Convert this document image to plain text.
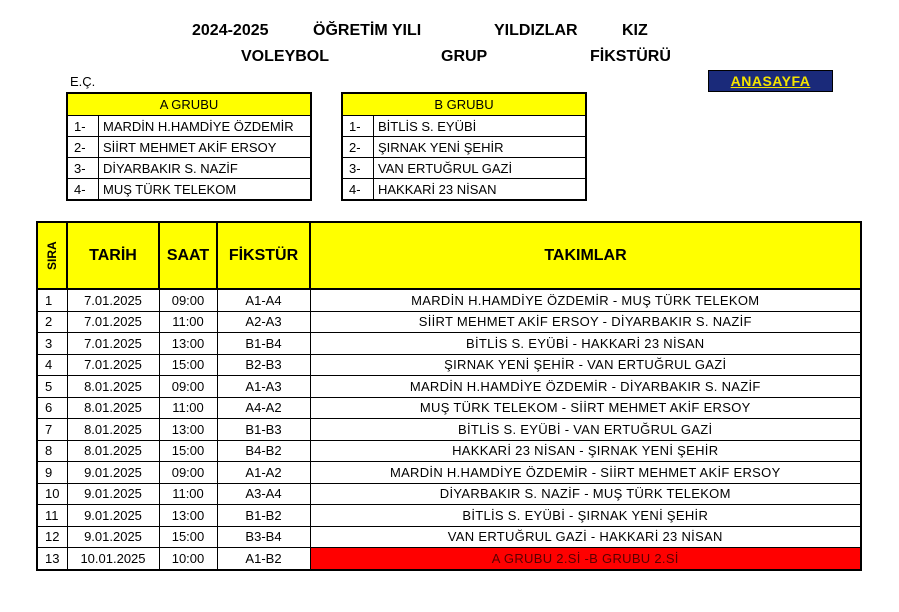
2024-2025	ÖĞRETİM YILI	YILDIZLAR	KIZ
VOLEYBOL	GRUP	FİKSTÜRÜ
E.Ç.	ANASAYFA
A GRUBU	
1-	MARDİN H.HAMDİYE ÖZDEMİR
2-	SİİRT MEHMET AKİF ERSOY
3-	DİYARBAKIR S. NAZİF
4-	MUŞ TÜRK TELEKOM
B GRUBU	
1-	BİTLİS S. EYÜBİ
2-	ŞIRNAK YENİ ŞEHİR
3-	VAN ERTUĞRUL GAZİ
4-	HAKKARİ 23 NİSAN
SIRA	TARİH	SAAT	FİKSTÜR	TAKIMLAR
1	7.01.2025	09:00	A1-A4	MARDİN H.HAMDİYE ÖZDEMİR - MUŞ TÜRK TELEKOM
2	7.01.2025	11:00	A2-A3	SİİRT MEHMET AKİF ERSOY - DİYARBAKIR S. NAZİF
3	7.01.2025	13:00	B1-B4	BİTLİS S. EYÜBİ - HAKKARİ 23 NİSAN
4	7.01.2025	15:00	B2-B3	ŞIRNAK YENİ ŞEHİR - VAN ERTUĞRUL GAZİ
5	8.01.2025	09:00	A1-A3	MARDİN H.HAMDİYE ÖZDEMİR - DİYARBAKIR S. NAZİF
6	8.01.2025	11:00	A4-A2	MUŞ TÜRK TELEKOM - SİİRT MEHMET AKİF ERSOY
7	8.01.2025	13:00	B1-B3	BİTLİS S. EYÜBİ - VAN ERTUĞRUL GAZİ
8	8.01.2025	15:00	B4-B2	HAKKARİ 23 NİSAN - ŞIRNAK YENİ ŞEHİR
9	9.01.2025	09:00	A1-A2	MARDİN H.HAMDİYE ÖZDEMİR - SİİRT MEHMET AKİF ERSOY
10	9.01.2025	11:00	A3-A4	DİYARBAKIR S. NAZİF - MUŞ TÜRK TELEKOM
11	9.01.2025	13:00	B1-B2	BİTLİS S. EYÜBİ - ŞIRNAK YENİ ŞEHİR
12	9.01.2025	15:00	B3-B4	VAN ERTUĞRUL GAZİ - HAKKARİ 23 NİSAN
13	10.01.2025	10:00	A1-B2	A GRUBU 2.Sİ -B GRUBU 2.Sİ
